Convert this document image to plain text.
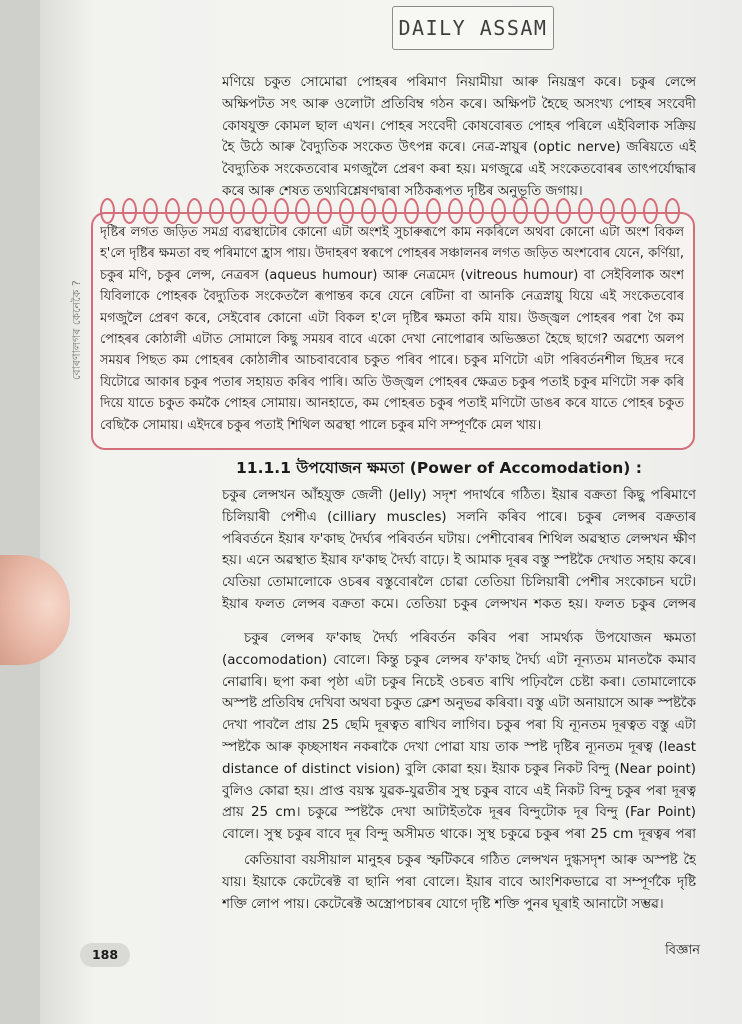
বোৰণালগৰ কেনেকৈ ?
DAILY ASSAM

মণিয়ে চকুত সোমোৱা পোহৰৰ পৰিমাণ নিয়ামীয়া আৰু নিয়ন্ত্ৰণ কৰে। চকুৰ লেন্সে অক্ষিপটত সৎ আৰু ওলোটা প্ৰতিবিম্ব গঠন কৰে। অক্ষিপট হৈছে অসংখ্য পোহৰ সংবেদী কোষযুক্ত কোমল ছাল এখন। পোহৰ সংবেদী কোষবোৰত পোহৰ পৰিলে এইবিলাক সক্ৰিয় হৈ উঠে আৰু বৈদ্যুতিক সংকেত উৎপন্ন কৰে। নেত্ৰ-স্নায়ুৰ (optic nerve) জৰিয়তে এই বৈদ্যুতিক সংকেতবোৰ মগজুলৈ প্ৰেৰণ কৰা হয়। মগজুৱে এই সংকেতবোৰৰ তাৎপৰ্যোদ্ধাৰ কৰে আৰু শেষত তথ্যবিশ্লেষণদ্বাৰা সঠিকৰূপত দৃষ্টিৰ অনুভূতি জগায়।

দৃষ্টিৰ লগত জড়িত সমগ্ৰ ব্যৱস্থাটোৰ কোনো এটা অংশই সুচাৰুৰূপে কাম নকৰিলে অথবা কোনো এটা অংশ বিকল হ'লে দৃষ্টিৰ ক্ষমতা বহু পৰিমাণে হ্ৰাস পায়। উদাহৰণ স্বৰূপে পোহৰৰ সঞ্চালনৰ লগত জড়িত অংশবোৰ যেনে, কৰ্ণিয়া, চকুৰ মণি, চকুৰ লেন্স, নেত্ৰৰস (aqueus humour) আৰু নেত্ৰমেদ (vitreous humour) বা সেইবিলাক অংশ যিবিলাকে পোহৰক বৈদ্যুতিক সংকেতলৈ ৰূপান্তৰ কৰে যেনে ৰেটিনা বা আনকি নেত্ৰস্নায়ু যিয়ে এই সংকেতবোৰ মগজুলৈ প্ৰেৰণ কৰে, সেইবোৰ কোনো এটা বিকল হ'লে দৃষ্টিৰ ক্ষমতা কমি যায়। উজ্জ্বল পোহৰৰ পৰা গৈ কম পোহৰৰ কোঠালী এটাত সোমালে কিছু সময়ৰ বাবে একো দেখা নোপোৱাৰ অভিজ্ঞতা হৈছে ছাগে? অৱশ্যে অলপ সময়ৰ পিছত কম পোহৰৰ কোঠালীৰ আচবাববোৰ চকুত পৰিব পাৰে। চকুৰ মণিটো এটা পৰিবৰ্তনশীল ছিদ্ৰৰ দৰে যিটোৱে আকাৰ চকুৰ পতাৰ সহায়ত কৰিব পাৰি। অতি উজ্জ্বল পোহৰৰ ক্ষেত্ৰত চকুৰ পতাই চকুৰ মণিটো সৰু কৰি দিয়ে যাতে চকুত কমকৈ পোহৰ সোমায়। আনহাতে, কম পোহৰত চকুৰ পতাই মণিটো ডাঙৰ কৰে যাতে পোহৰ চকুত বেছিকৈ সোমায়। এইদৰে চকুৰ পতাই শিথিল অৱস্থা পালে চকুৰ মণি সম্পূৰ্ণকৈ মেল খায়।

11.1.1 উপযোজন ক্ষমতা (Power of Accomodation) :

চকুৰ লেন্সখন আঁহযুক্ত জেলী (Jelly) সদৃশ পদাৰ্থৰে গঠিত। ইয়াৰ বক্ৰতা কিছু পৰিমাণে চিলিয়াৰী পেশীএ (cilliary muscles) সলনি কৰিব পাৰে। চকুৰ লেন্সৰ বক্ৰতাৰ পৰিবৰ্তনে ইয়াৰ ফ'কাছ দৈৰ্ঘ্যৰ পৰিবৰ্তন ঘটায়। পেশীবোৰৰ শিথিল অৱস্থাত লেন্সখন ক্ষীণ হয়। এনে অৱস্থাত ইয়াৰ ফ'কাছ দৈৰ্ঘ্য বাঢ়ে। ই আমাক দূৰৰ বস্তু স্পষ্টকৈ দেখাত সহায় কৰে। যেতিয়া তোমালোকে ওচৰৰ বস্তুবোৰলৈ চোৱা তেতিয়া চিলিয়াৰী পেশীৰ সংকোচন ঘটে। ইয়াৰ ফলত লেন্সৰ বক্ৰতা কমে। তেতিয়া চকুৰ লেন্সখন শকত হয়। ফলত চকুৰ লেন্সৰ

চকুৰ লেন্সৰ ফ'কাছ দৈৰ্ঘ্য পৰিবৰ্তন কৰিব পৰা সামৰ্থ্যক উপযোজন ক্ষমতা (accomodation) বোলে। কিন্তু চকুৰ লেন্সৰ ফ'কাছ দৈৰ্ঘ্য এটা নূন্যতম মানতকৈ কমাব নোৱাৰি। ছপা কৰা পৃষ্ঠা এটা চকুৰ নিচেই ওচৰত ৰাখি পঢ়িবলৈ চেষ্টা কৰা। তোমালোকে অস্পষ্ট প্ৰতিবিম্ব দেখিবা অথবা চকুত ক্লেশ অনুভৱ কৰিবা। বস্তু এটা অনায়াসে আৰু স্পষ্টকৈ দেখা পাবলৈ প্ৰায় 25 ছেমি দূৰত্বত ৰাখিব লাগিব। চকুৰ পৰা যি ন্যূনতম দূৰত্বত বস্তু এটা স্পষ্টকৈ আৰু কৃচ্ছসাধন নকৰাকৈ দেখা পোৱা যায় তাক স্পষ্ট দৃষ্টিৰ ন্যূনতম দূৰত্ব (least distance of distinct vision) বুলি কোৱা হয়। ইয়াক চকুৰ নিকট বিন্দু (Near point) বুলিও কোৱা হয়। প্ৰাপ্ত বয়স্ক যুৱক-যুৱতীৰ সুস্থ চকুৰ বাবে এই নিকট বিন্দু চকুৰ পৰা দূৰত্ব প্ৰায় 25 cm। চকুৱে স্পষ্টকৈ দেখা আটাইতকৈ দূৰৰ বিন্দুটোক দূৰ বিন্দু (Far Point) বোলে। সুস্থ চকুৰ বাবে দূৰ বিন্দু অসীমত থাকে। সুস্থ চকুৱে চকুৰ পৰা 25 cm দূৰত্বৰ পৰা

কেতিয়াবা বয়সীয়াল মানুহৰ চকুৰ স্ফটিকৰে গঠিত লেন্সখন দুগ্ধসদৃশ আৰু অস্পষ্ট হৈ যায়। ইয়াকে কেটেৰেক্ট বা ছানি পৰা বোলে। ইয়াৰ বাবে আংশিকভাৱে বা সম্পূৰ্ণকৈ দৃষ্টি শক্তি লোপ পায়। কেটেৰেক্ট অস্ত্ৰোপচাৰৰ যোগে দৃষ্টি শক্তি পুনৰ ঘূৰাই আনাটো সম্ভৱ।

188	বিজ্ঞান
